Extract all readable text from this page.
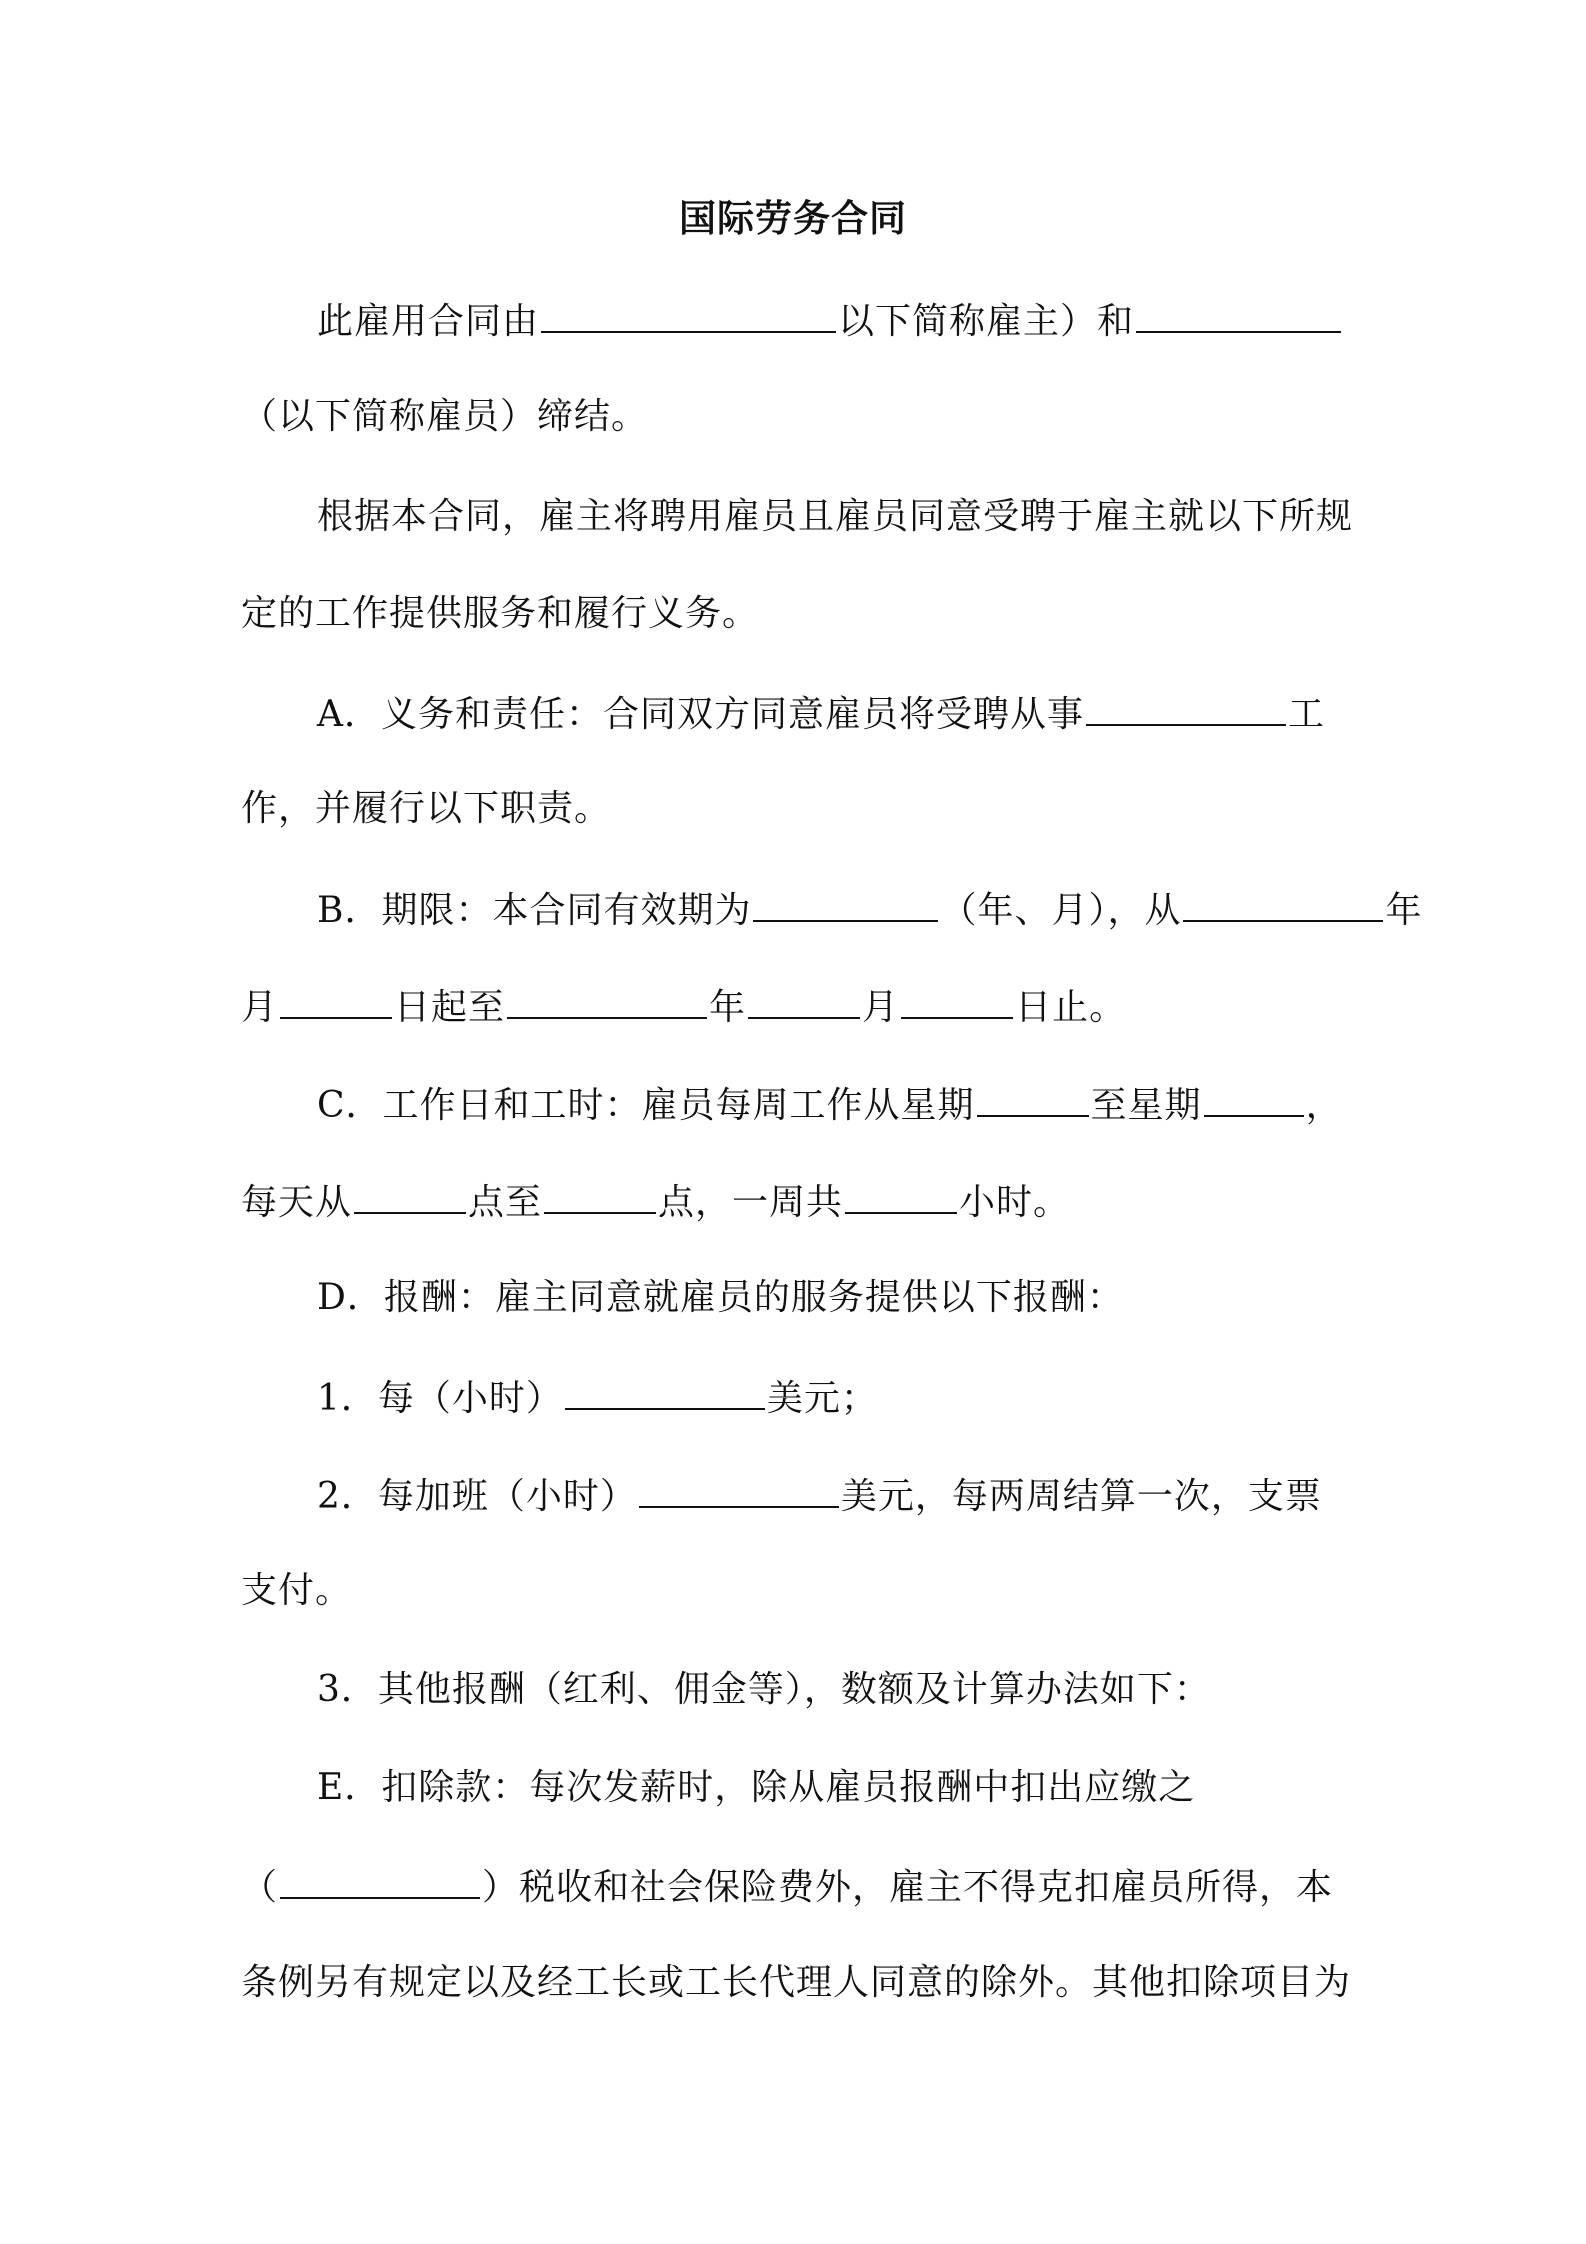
国际劳务合同
此雇用合同由	以下简称雇主）和
（以下简称雇员）缔结。
根据本合同，雇主将聘用雇员且雇员同意受聘于雇主就以下所规
定的工作提供服务和履行义务。
A．义务和责任：合同双方同意雇员将受聘从事	工
作，并履行以下职责。
B．期限：本合同有效期为	（年、月），从	年
月	日起至	年	月	日止。
C．工作日和工时：雇员每周工作从星期	至星期	，
每天从	点至	点，一周共	小时。
D．报酬：雇主同意就雇员的服务提供以下报酬：
1．每（小时）	美元；
2．每加班（小时）	美元，每两周结算一次，支票
支付。
3．其他报酬（红利、佣金等），数额及计算办法如下：
E．扣除款：每次发薪时，除从雇员报酬中扣出应缴之
（	）税收和社会保险费外，雇主不得克扣雇员所得，本
条例另有规定以及经工长或工长代理人同意的除外。其他扣除项目为
